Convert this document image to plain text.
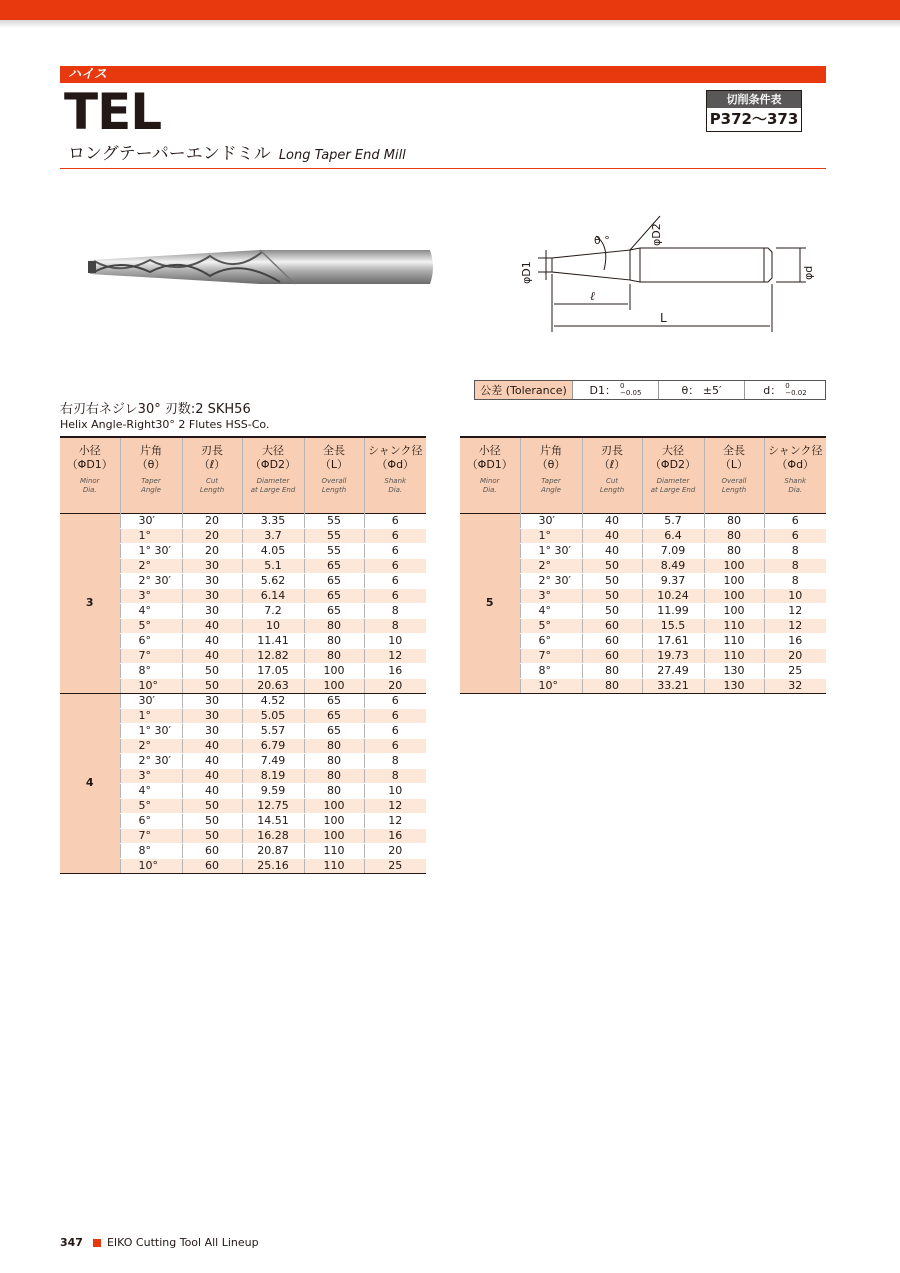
ハイス
TEL	切削条件表
P372～373
ロングテーパーエンドミル Long Taper End Mill
θ °	φD2
φD1	φd
ℓ
L
公差 (Tolerance)	D1： 0
−0.05	θ： ±5′	d： 0
−0.02
右刃右ネジレ30° 刃数:2 SKH56
Helix Angle-Right30° 2 Flutes HSS-Co.
小径
（ΦD1）
Minor
Dia.	片角
（θ）
Taper
Angle	刃長
（ℓ）
Cut
Length	大径
（ΦD2）
Diameter
at Large End	全長
（L）
Overall
Length	シャンク径
（Φd）
Shank
Dia.

3	30′	20	3.35	55	6
	1°	20	3.7	55	6
	1° 30′	20	4.05	55	6
	2°	30	5.1	65	6
	2° 30′	30	5.62	65	6
	3°	30	6.14	65	6
	4°	30	7.2	65	8
	5°	40	10	80	8
	6°	40	11.41	80	10
	7°	40	12.82	80	12
	8°	50	17.05	100	16
	10°	50	20.63	100	20
4	30′	30	4.52	65	6
	1°	30	5.05	65	6
	1° 30′	30	5.57	65	6
	2°	40	6.79	80	6
	2° 30′	40	7.49	80	8
	3°	40	8.19	80	8
	4°	40	9.59	80	10
	5°	50	12.75	100	12
	6°	50	14.51	100	12
	7°	50	16.28	100	16
	8°	60	20.87	110	20
	10°	60	25.16	110	25
小径
（ΦD1）
Minor
Dia.	片角
（θ）
Taper
Angle	刃長
（ℓ）
Cut
Length	大径
（ΦD2）
Diameter
at Large End	全長
（L）
Overall
Length	シャンク径
（Φd）
Shank
Dia.

5	30′	40	5.7	80	6
	1°	40	6.4	80	6
	1° 30′	40	7.09	80	8
	2°	50	8.49	100	8
	2° 30′	50	9.37	100	8
	3°	50	10.24	100	10
	4°	50	11.99	100	12
	5°	60	15.5	110	12
	6°	60	17.61	110	16
	7°	60	19.73	110	20
	8°	80	27.49	130	25
	10°	80	33.21	130	32
347 EIKO Cutting Tool All Lineup
